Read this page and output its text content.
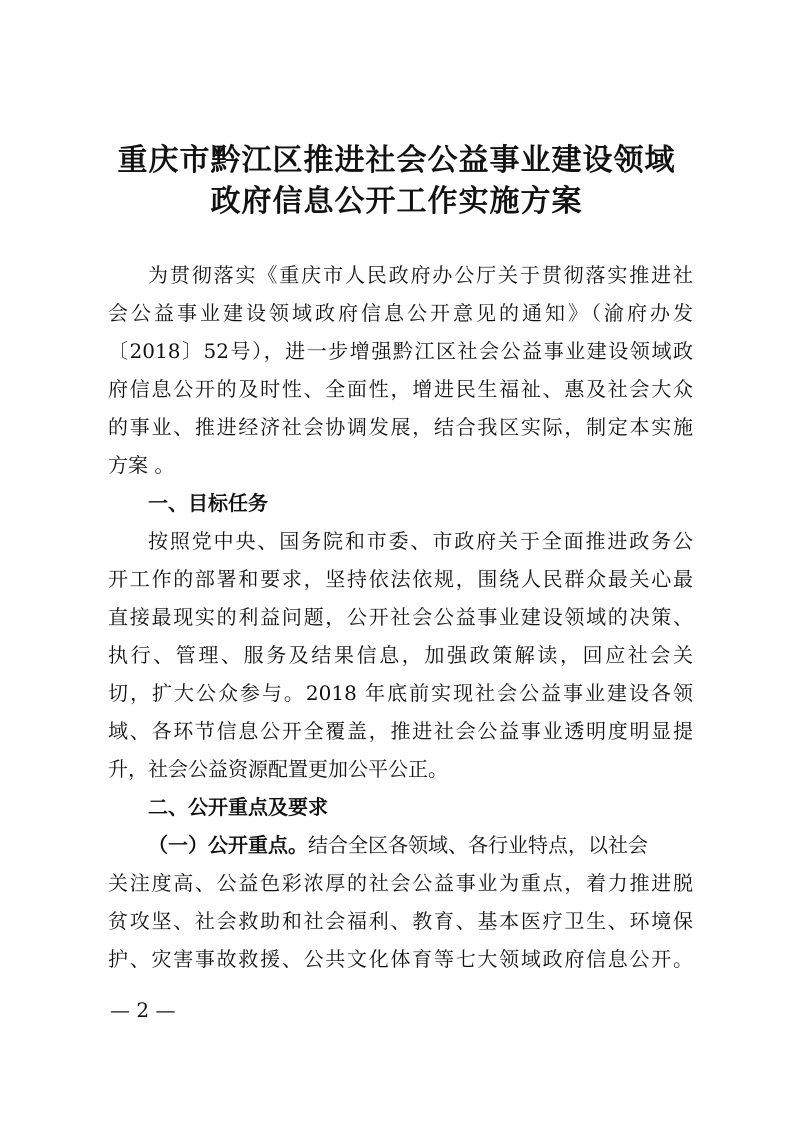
重庆市黔江区推进社会公益事业建设领域
政府信息公开工作实施方案
为贯彻落实《重庆市人民政府办公厅关于贯彻落实推进社
会公益事业建设领域政府信息公开意见的通知》（渝府办发
〔2018〕52号），进一步增强黔江区社会公益事业建设领域政
府信息公开的及时性、全面性，增进民生福祉、惠及社会大众
的事业、推进经济社会协调发展，结合我区实际，制定本实施
方案 。
一、目标任务
按照党中央、国务院和市委、市政府关于全面推进政务公
开工作的部署和要求，坚持依法依规，围绕人民群众最关心最
直接最现实的利益问题，公开社会公益事业建设领域的决策、
执行、管理、服务及结果信息，加强政策解读，回应社会关
切，扩大公众参与。2018 年底前实现社会公益事业建设各领
域、各环节信息公开全覆盖，推进社会公益事业透明度明显提
升，社会公益资源配置更加公平公正。
二、公开重点及要求
（一）公开重点。结合全区各领域、各行业特点，以社会
关注度高、公益色彩浓厚的社会公益事业为重点，着力推进脱
贫攻坚、社会救助和社会福利、教育、基本医疗卫生、环境保
护、灾害事故救援、公共文化体育等七大领域政府信息公开。
— 2 —
